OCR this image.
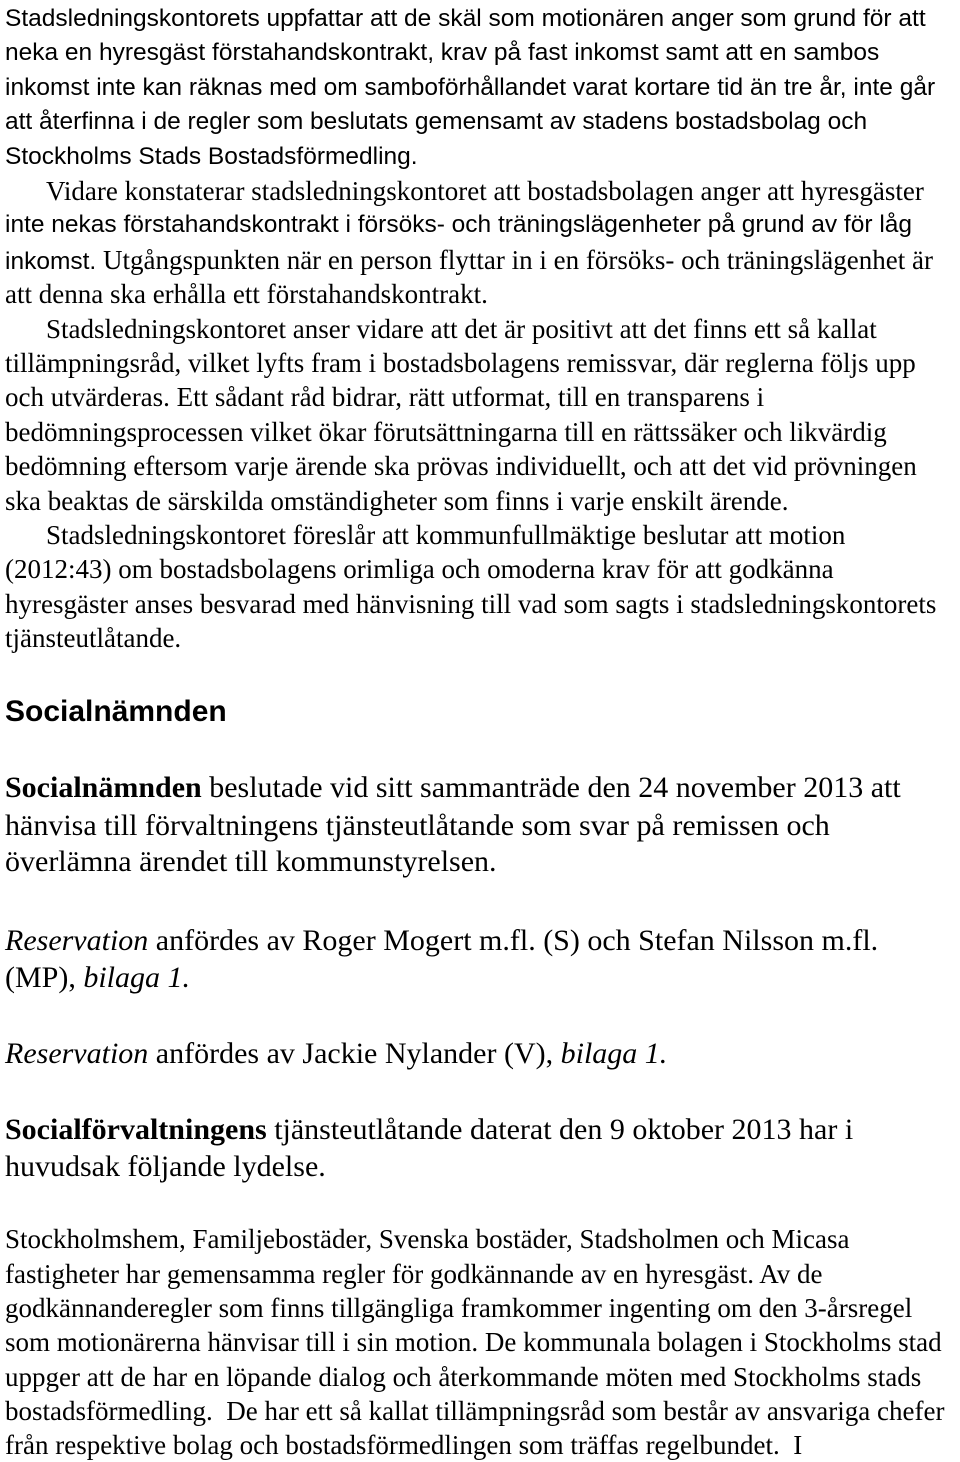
Stadsledningskontorets uppfattar att de skäl som motionären anger som grund för att
neka en hyresgäst förstahandskontrakt, krav på fast inkomst samt att en sambos
inkomst inte kan räknas med om samboförhållandet varat kortare tid än tre år, inte går
att återfinna i de regler som beslutats gemensamt av stadens bostadsbolag och
Stockholms Stads Bostadsförmedling.
Vidare konstaterar stadsledningskontoret att bostadsbolagen anger att hyresgäster
inte nekas förstahandskontrakt i försöks- och träningslägenheter på grund av för låg
inkomst. Utgångspunkten när en person flyttar in i en försöks- och träningslägenhet är
att denna ska erhålla ett förstahandskontrakt.
Stadsledningskontoret anser vidare att det är positivt att det finns ett så kallat
tillämpningsråd, vilket lyfts fram i bostadsbolagens remissvar, där reglerna följs upp
och utvärderas. Ett sådant råd bidrar, rätt utformat, till en transparens i
bedömningsprocessen vilket ökar förutsättningarna till en rättssäker och likvärdig
bedömning eftersom varje ärende ska prövas individuellt, och att det vid prövningen
ska beaktas de särskilda omständigheter som finns i varje enskilt ärende.
Stadsledningskontoret föreslår att kommunfullmäktige beslutar att motion
(2012:43) om bostadsbolagens orimliga och omoderna krav för att godkänna
hyresgäster anses besvarad med hänvisning till vad som sagts i stadsledningskontorets
tjänsteutlåtande.
Socialnämnden
Socialnämnden beslutade vid sitt sammanträde den 24 november 2013 att
hänvisa till förvaltningens tjänsteutlåtande som svar på remissen och
överlämna ärendet till kommunstyrelsen.
Reservation anfördes av Roger Mogert m.fl. (S) och Stefan Nilsson m.fl.
(MP), bilaga 1.
Reservation anfördes av Jackie Nylander (V), bilaga 1.
Socialförvaltningens tjänsteutlåtande daterat den 9 oktober 2013 har i
huvudsak följande lydelse.
Stockholmshem, Familjebostäder, Svenska bostäder, Stadsholmen och Micasa
fastigheter har gemensamma regler för godkännande av en hyresgäst. Av de
godkännanderegler som finns tillgängliga framkommer ingenting om den 3-årsregel
som motionärerna hänvisar till i sin motion. De kommunala bolagen i Stockholms stad
uppger att de har en löpande dialog och återkommande möten med Stockholms stads
bostadsförmedling.  De har ett så kallat tillämpningsråd som består av ansvariga chefer
från respektive bolag och bostadsförmedlingen som träffas regelbundet.  I
